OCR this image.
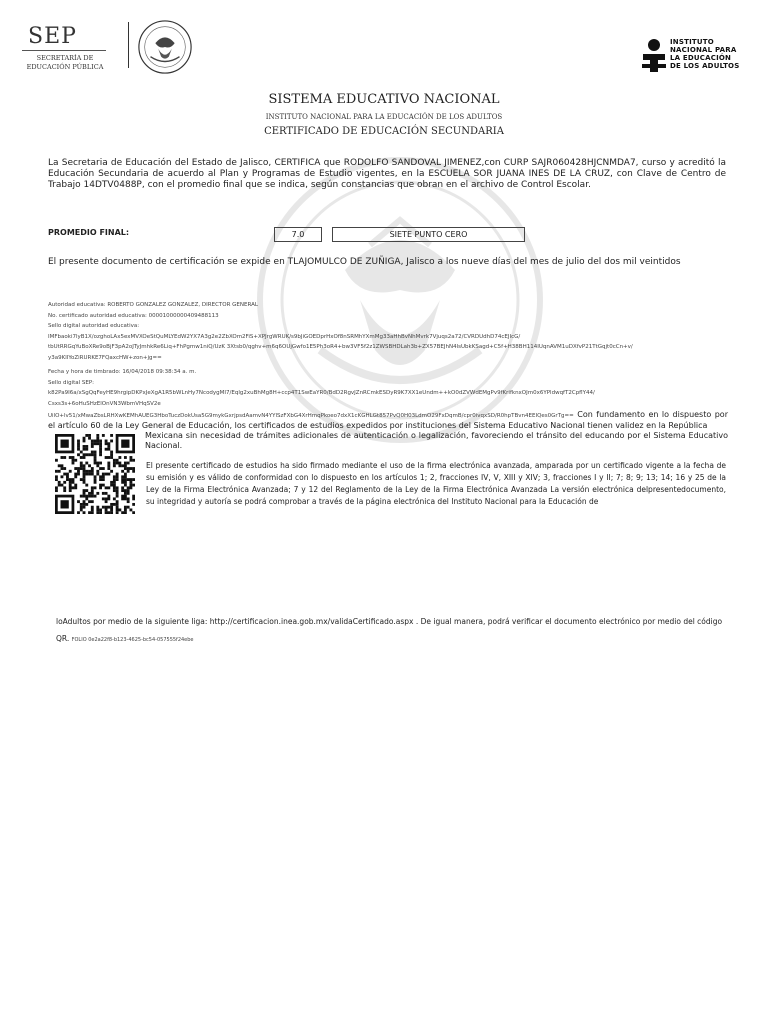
SEP
SECRETARÍA DE
EDUCACIÓN PÚBLICA
INSTITUTO
NACIONAL PARA
LA EDUCACIÓN
DE LOS ADULTOS
SISTEMA EDUCATIVO NACIONAL
INSTITUTO NACIONAL PARA LA EDUCACIÓN DE LOS ADULTOS
CERTIFICADO DE EDUCACIÓN SECUNDARIA
La Secretaria de Educación del Estado de Jalisco, CERTIFICA que RODOLFO SANDOVAL JIMENEZ,con CURP SAJR060428HJCNMDA7, curso y acreditó la Educación Secundaria de acuerdo al Plan y Programas de Estudio vigentes, en la ESCUELA SOR JUANA INES DE LA CRUZ, con Clave de Centro de Trabajo 14DTV0488P, con el promedio final que se indica, según constancias que obran en el archivo de Control Escolar.
PROMEDIO FINAL:	7.0	SIETE PUNTO CERO
El presente documento de certificación se expide en TLAJOMULCO DE ZUÑIGA, Jalisco a los nueve días del mes de julio del dos mil veintidos
Autoridad educativa: ROBERTO GONZALEZ GONZALEZ, DIRECTOR GENERAL
No. certificado autoridad educativa: 00001000000409488113
Sello digital autoridad educativa:
IMFbaoki7lyB1X/ozghoLAx5exMVXOeStQuMLYEdW2YX7A3g2e2ZbXOm2FiS+XPJrgWRUK/s9bJiGOEDprHxOf8nSRMhYXmMg33aHhBvNhMvrk7Vjuqs2a72/CVRDUdhD74cEJIcG/
tbUtRRGqYuBoXRe9oBjF3pA2oJTyJmhkRe6Liq+FhPgmw1niQ/UzK 3Xtsb0/qghv+m6q6OUjGwfo1E5Ph3oR4+bw3VF5f2z1ZWSBHDLah3b+ZX57BEJhN4lsUbkKSagd+C5f+H38BH114IUqnAVM1uDXfvP21TtGqjt0cCn+v/
y3a9KlIYoZiRURKE7FQaxcHW+zon+jg==
Fecha y hora de timbrado: 16/04/2018 09:38:34 a. m.
Sello digital SEP:
k82Pa9I6a/xSgQqFeyHE9hrgipDKPxJeXgA1R5bWLnHy7NcodygMI7/Eqlg2xuBhMg8H+ccp4T1SwEaYR0/BdD2RgvJZnRCmkESDyR9K7XX1eUndm++kO0dZVWdEMgPv9fKrifknxOJm0x6YPldwqfT2CpflY44/
Csxs3s+6oHuSHzElOnVN3WbmVHqSV2e
UilO+lv51/xMwaZbsLRHXwKEMhAUEG3HboTuczDokUsa5G9mykGxrjpsdAamvN4YYlSzFXbG4XrHmqPkoeo7dxX1cKGHLGt857PvQ0H03LdmO29FxDqmB/cpr0ivqxSD/R0hpTBvn4EEIQes0GrTg== Con fundamento en lo dispuesto por el artículo 60 de la Ley General de Educación, los certificados de estudios expedidos por instituciones del Sistema Educativo Nacional tienen validez en la República
Mexicana sin necesidad de trámites adicionales de autenticación o legalización, favoreciendo el tránsito del educando por el Sistema Educativo Nacional.
El presente certificado de estudios ha sido firmado mediante el uso de la firma electrónica avanzada, amparada por un certificado vigente a la fecha de su emisión y es válido de conformidad con lo dispuesto en los artículos 1; 2, fracciones IV, V, XIII y XIV; 3, fracciones I y II; 7; 8; 9; 13; 14; 16 y 25 de la Ley de la Firma Electrónica Avanzada; 7 y 12 del Reglamento de la Ley de la Firma Electrónica Avanzada La versión electrónica delpresentedocumento, su integridad y autoría se podrá comprobar a través de la página electrónica del Instituto Nacional para la Educación de
loAdultos por medio de la siguiente liga: http://certificacion.inea.gob.mx/validaCertificado.aspx . De igual manera, podrá verificar el documento electrónico por medio del código QR. FOLIO 0e2a22f8-b123-4625-bc54-057555f24ebe
